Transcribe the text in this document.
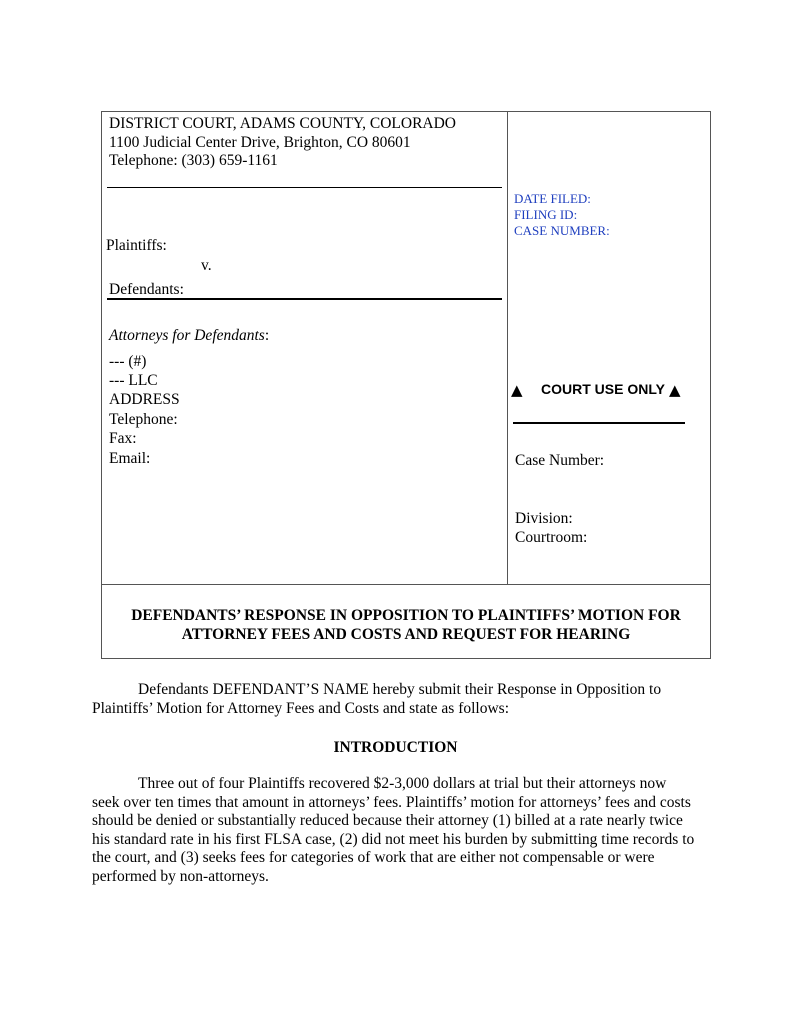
DISTRICT COURT, ADAMS COUNTY, COLORADO
1100 Judicial Center Drive, Brighton, CO 80601
Telephone: (303) 659-1161
Plaintiffs:
v.
Defendants:
Attorneys for Defendants:
--- (#)
--- LLC
ADDRESS
Telephone:
Fax:
Email:
DATE FILED:
FILING ID:
CASE NUMBER:
▲ COURT USE ONLY ▲
Case Number:
Division:
Courtroom:
DEFENDANTS’ RESPONSE IN OPPOSITION TO PLAINTIFFS’ MOTION FOR
ATTORNEY FEES AND COSTS AND REQUEST FOR HEARING
Defendants DEFENDANT’S NAME hereby submit their Response in Opposition to
Plaintiffs’ Motion for Attorney Fees and Costs and state as follows:
INTRODUCTION
Three out of four Plaintiffs recovered $2-3,000 dollars at trial but their attorneys now
seek over ten times that amount in attorneys’ fees. Plaintiffs’ motion for attorneys’ fees and costs
should be denied or substantially reduced because their attorney (1) billed at a rate nearly twice
his standard rate in his first FLSA case, (2) did not meet his burden by submitting time records to
the court, and (3) seeks fees for categories of work that are either not compensable or were
performed by non-attorneys.
